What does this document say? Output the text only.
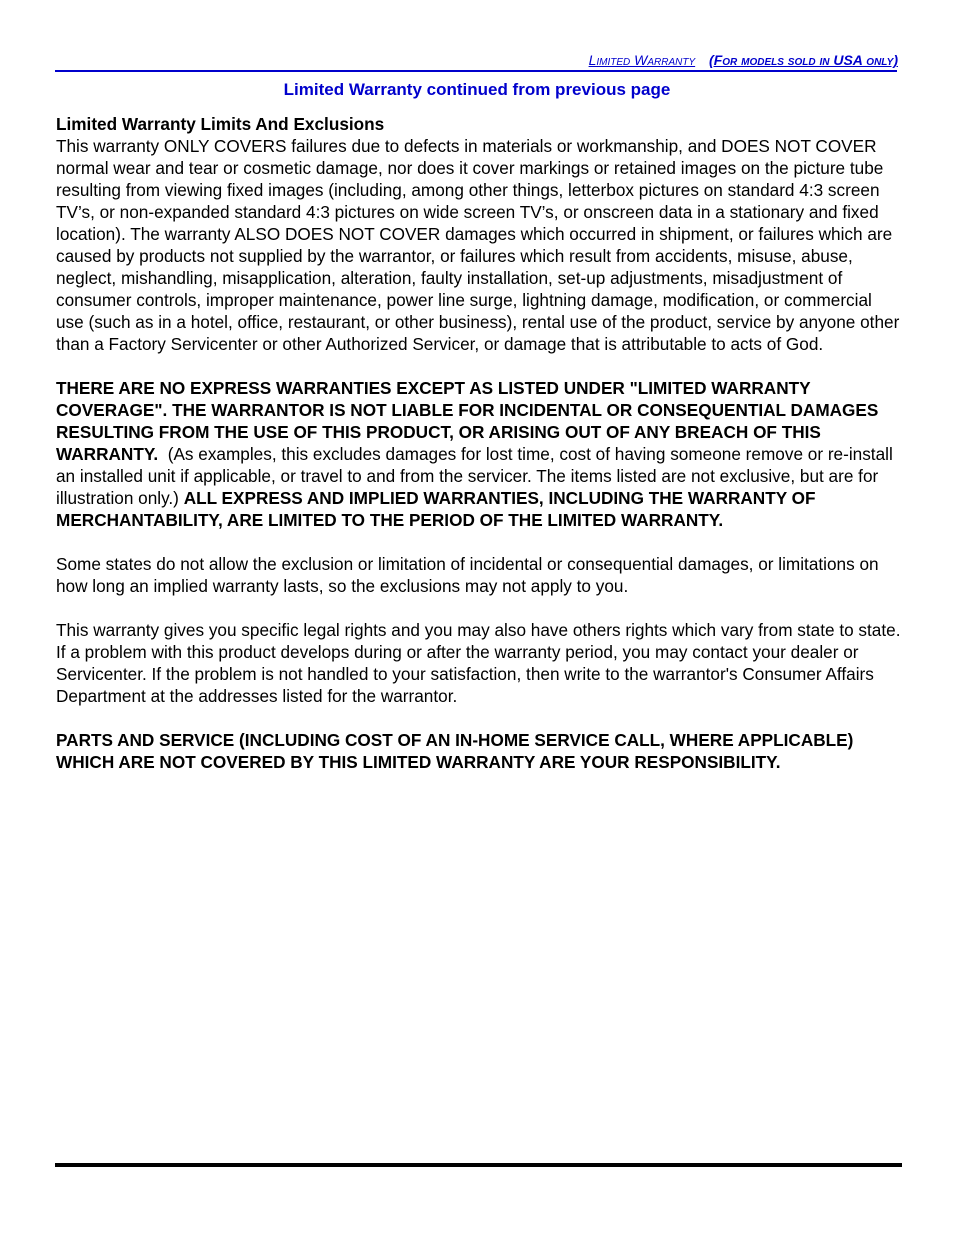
Limited Warranty (For models sold in USA only)
Limited Warranty continued from previous page

Limited Warranty Limits And Exclusions
This warranty ONLY COVERS failures due to defects in materials or workmanship, and DOES NOT COVER normal wear and tear or cosmetic damage, nor does it cover markings or retained images on the picture tube resulting from viewing fixed images (including, among other things, letterbox pictures on standard 4:3 screen TV’s, or non-expanded standard 4:3 pictures on wide screen TV’s, or onscreen data in a stationary and fixed location). The warranty ALSO DOES NOT COVER damages which occurred in shipment, or failures which are caused by products not supplied by the warrantor, or failures which result from accidents, misuse, abuse, neglect, mishandling, misapplication, alteration, faulty installation, set-up adjustments, misadjustment of consumer controls, improper maintenance, power line surge, lightning damage, modification, or commercial use (such as in a hotel, office, restaurant, or other business), rental use of the product, service by anyone other than a Factory Servicenter or other Authorized Servicer, or damage that is attributable to acts of God.

THERE ARE NO EXPRESS WARRANTIES EXCEPT AS LISTED UNDER "LIMITED WARRANTY COVERAGE". THE WARRANTOR IS NOT LIABLE FOR INCIDENTAL OR CONSEQUENTIAL DAMAGES RESULTING FROM THE USE OF THIS PRODUCT, OR ARISING OUT OF ANY BREACH OF THIS WARRANTY.  (As examples, this excludes damages for lost time, cost of having someone remove or re-install an installed unit if applicable, or travel to and from the servicer. The items listed are not exclusive, but are for illustration only.) ALL EXPRESS AND IMPLIED WARRANTIES, INCLUDING THE WARRANTY OF MERCHANTABILITY, ARE LIMITED TO THE PERIOD OF THE LIMITED WARRANTY.

Some states do not allow the exclusion or limitation of incidental or consequential damages, or limitations on how long an implied warranty lasts, so the exclusions may not apply to you.

This warranty gives you specific legal rights and you may also have others rights which vary from state to state. If a problem with this product develops during or after the warranty period, you may contact your dealer or Servicenter. If the problem is not handled to your satisfaction, then write to the warrantor's Consumer Affairs Department at the addresses listed for the warrantor.

PARTS AND SERVICE (INCLUDING COST OF AN IN-HOME SERVICE CALL, WHERE APPLICABLE) WHICH ARE NOT COVERED BY THIS LIMITED WARRANTY ARE YOUR RESPONSIBILITY.
